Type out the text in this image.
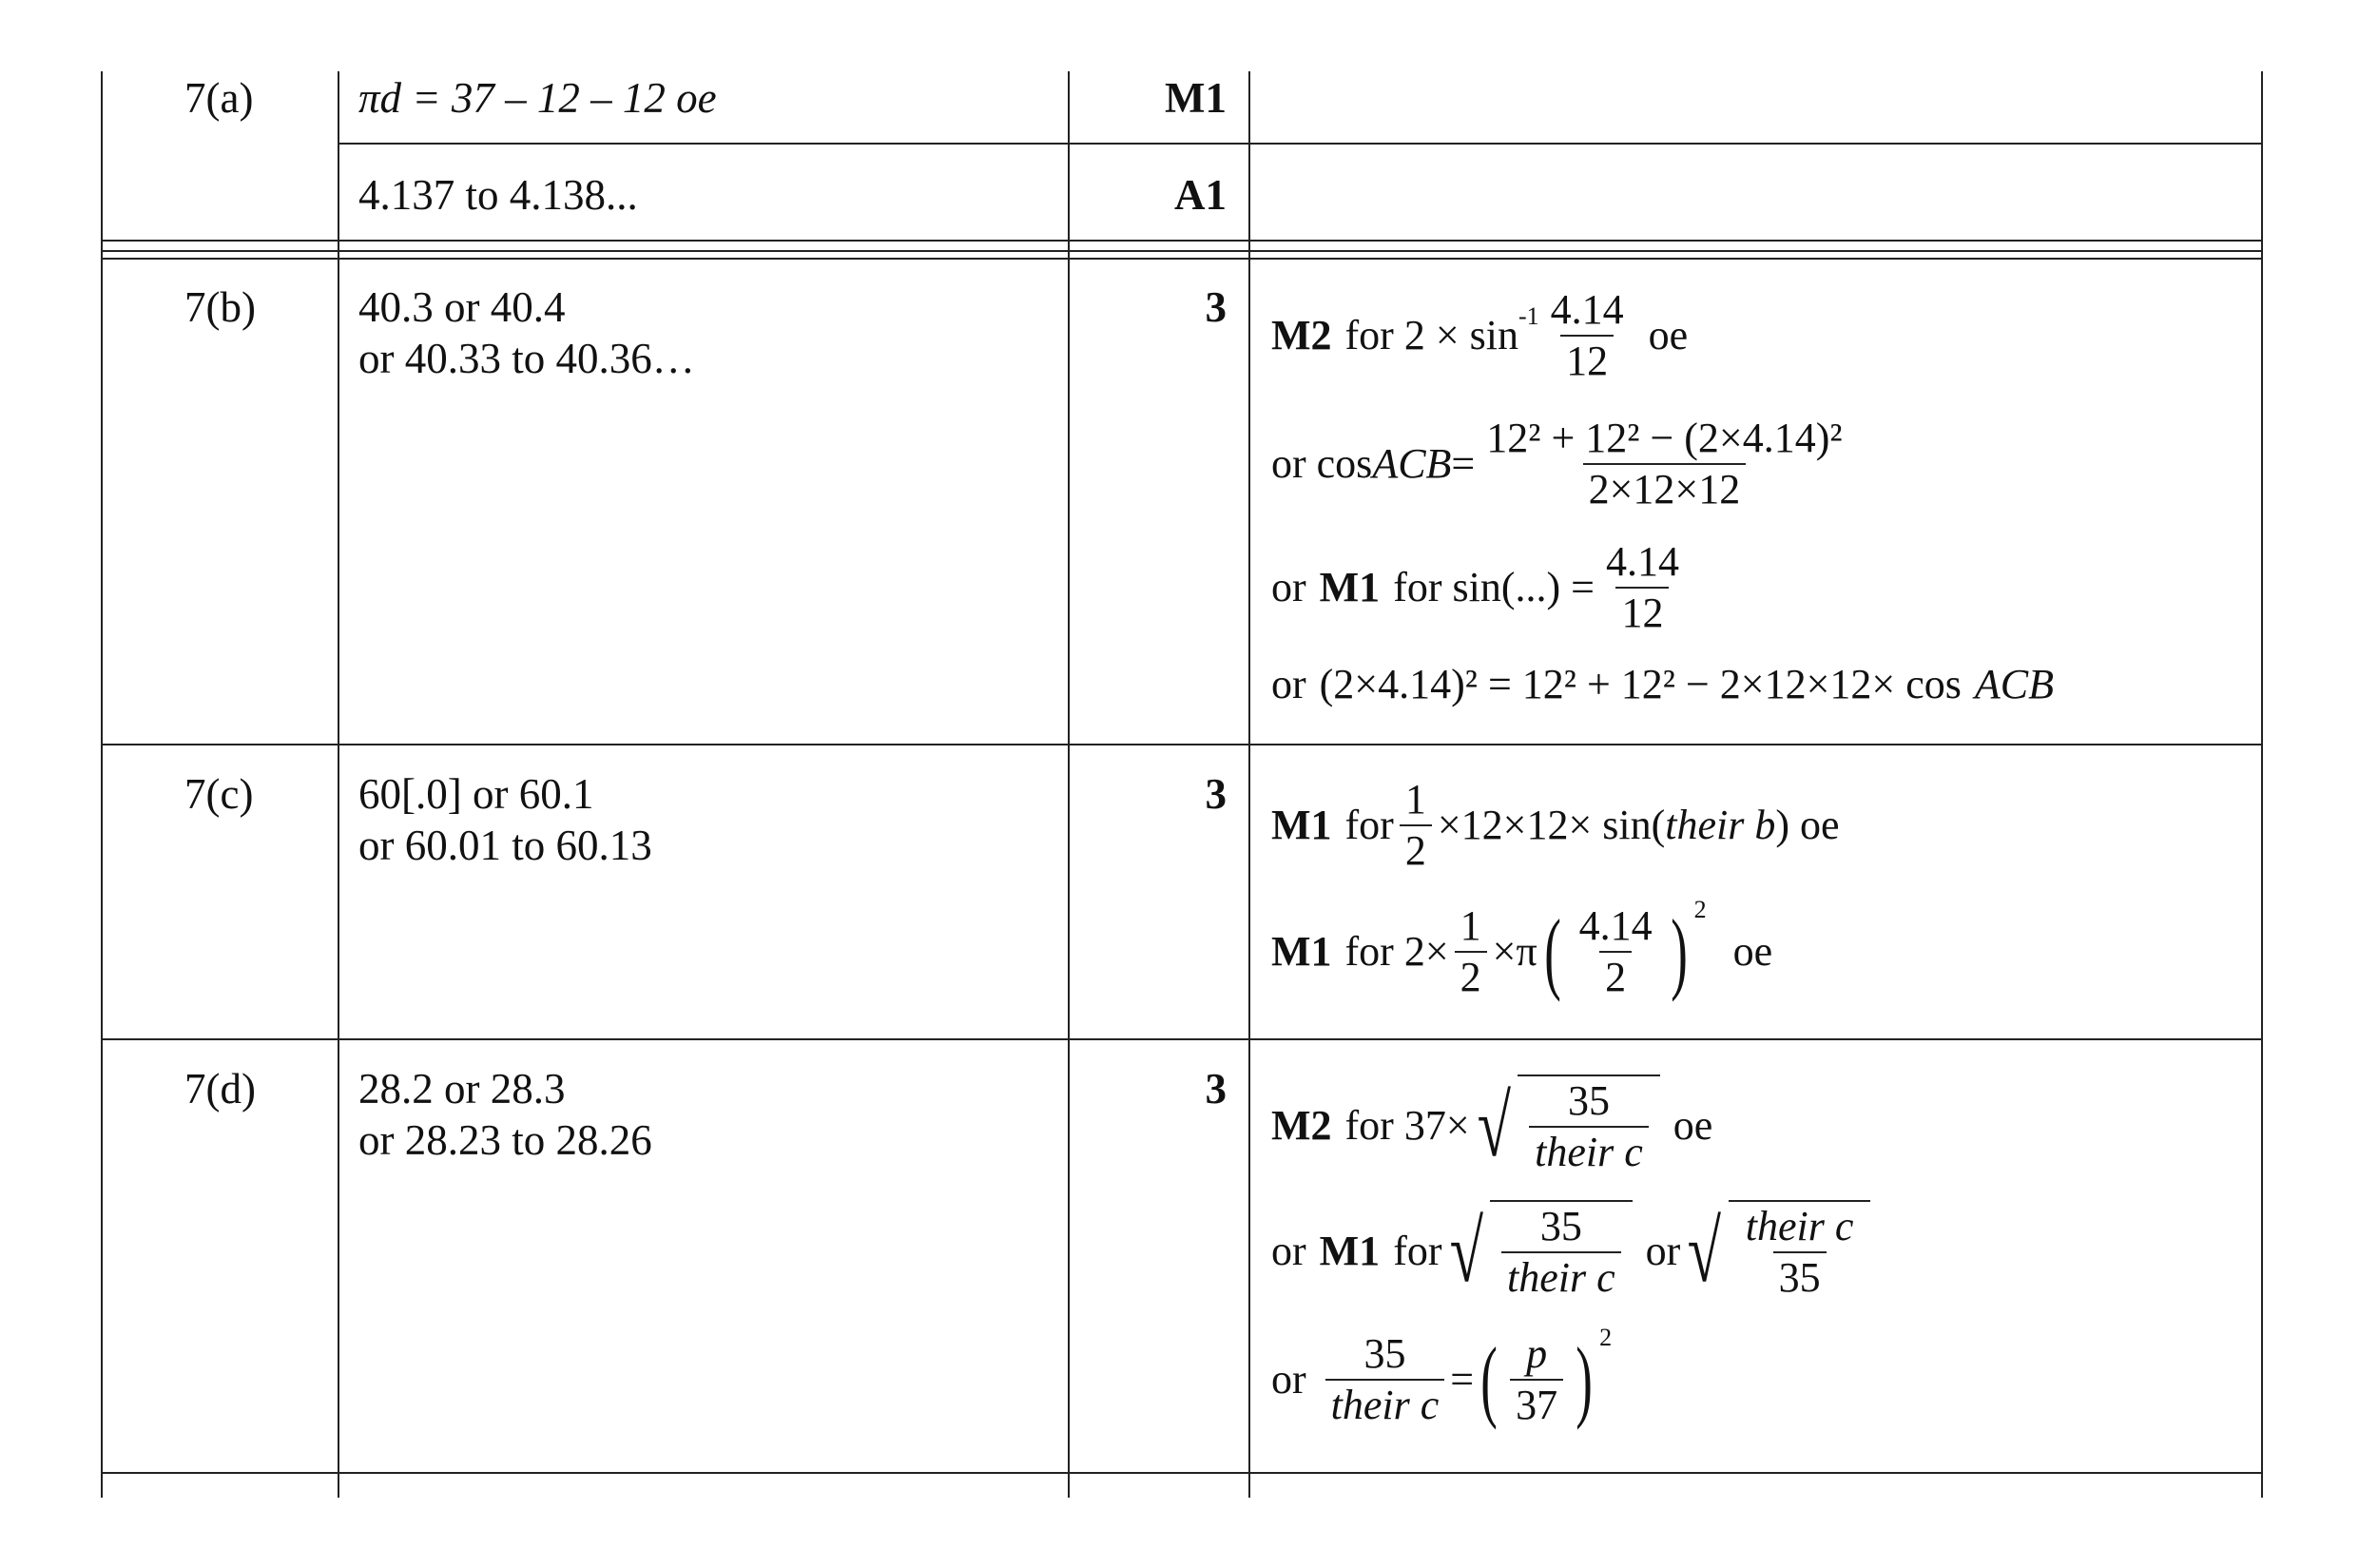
7(a) πd = 37 – 12 – 12 oe	M1
4.137 to 4.138...	A1
7(b) 40.3 or 40.4
or 40.33 to 40.36…
3
M2 for $2 \times \sin -1 \frac{4.14}{12}$ oe
or cos ACB = $\frac{\text{12² + 12² − (2×4.14)²}}{2\times 12\times 12}$
or M1 for $\sin(...) = \frac{4.14}{12}$
or (2×4.14)² = 12² + 12² − 2×12×12× cos ACB
7(c) 60[.0] or 60.1
or 60.01 to 60.13
3
M1 for $\frac{1}{2} \times 12\times 12\times \sin$( their b ) oe
M1 for $2\times \frac{1}{2} \times\pi$ ( $\frac{4.14}{2}$ ) 2
oe
7(d) 28.2 or 28.3
or 28.23 to 28.26
3
M2 for 37× √ $\frac{35}{\text{their c}}$ oe
or M1 for √ $\frac{35}{\text{their c}}$ or √ $\frac{\text{their c}}{35}$
or $\frac{35}{\text{their c}}$ = ( $\frac{p}{37}$ ) 2
